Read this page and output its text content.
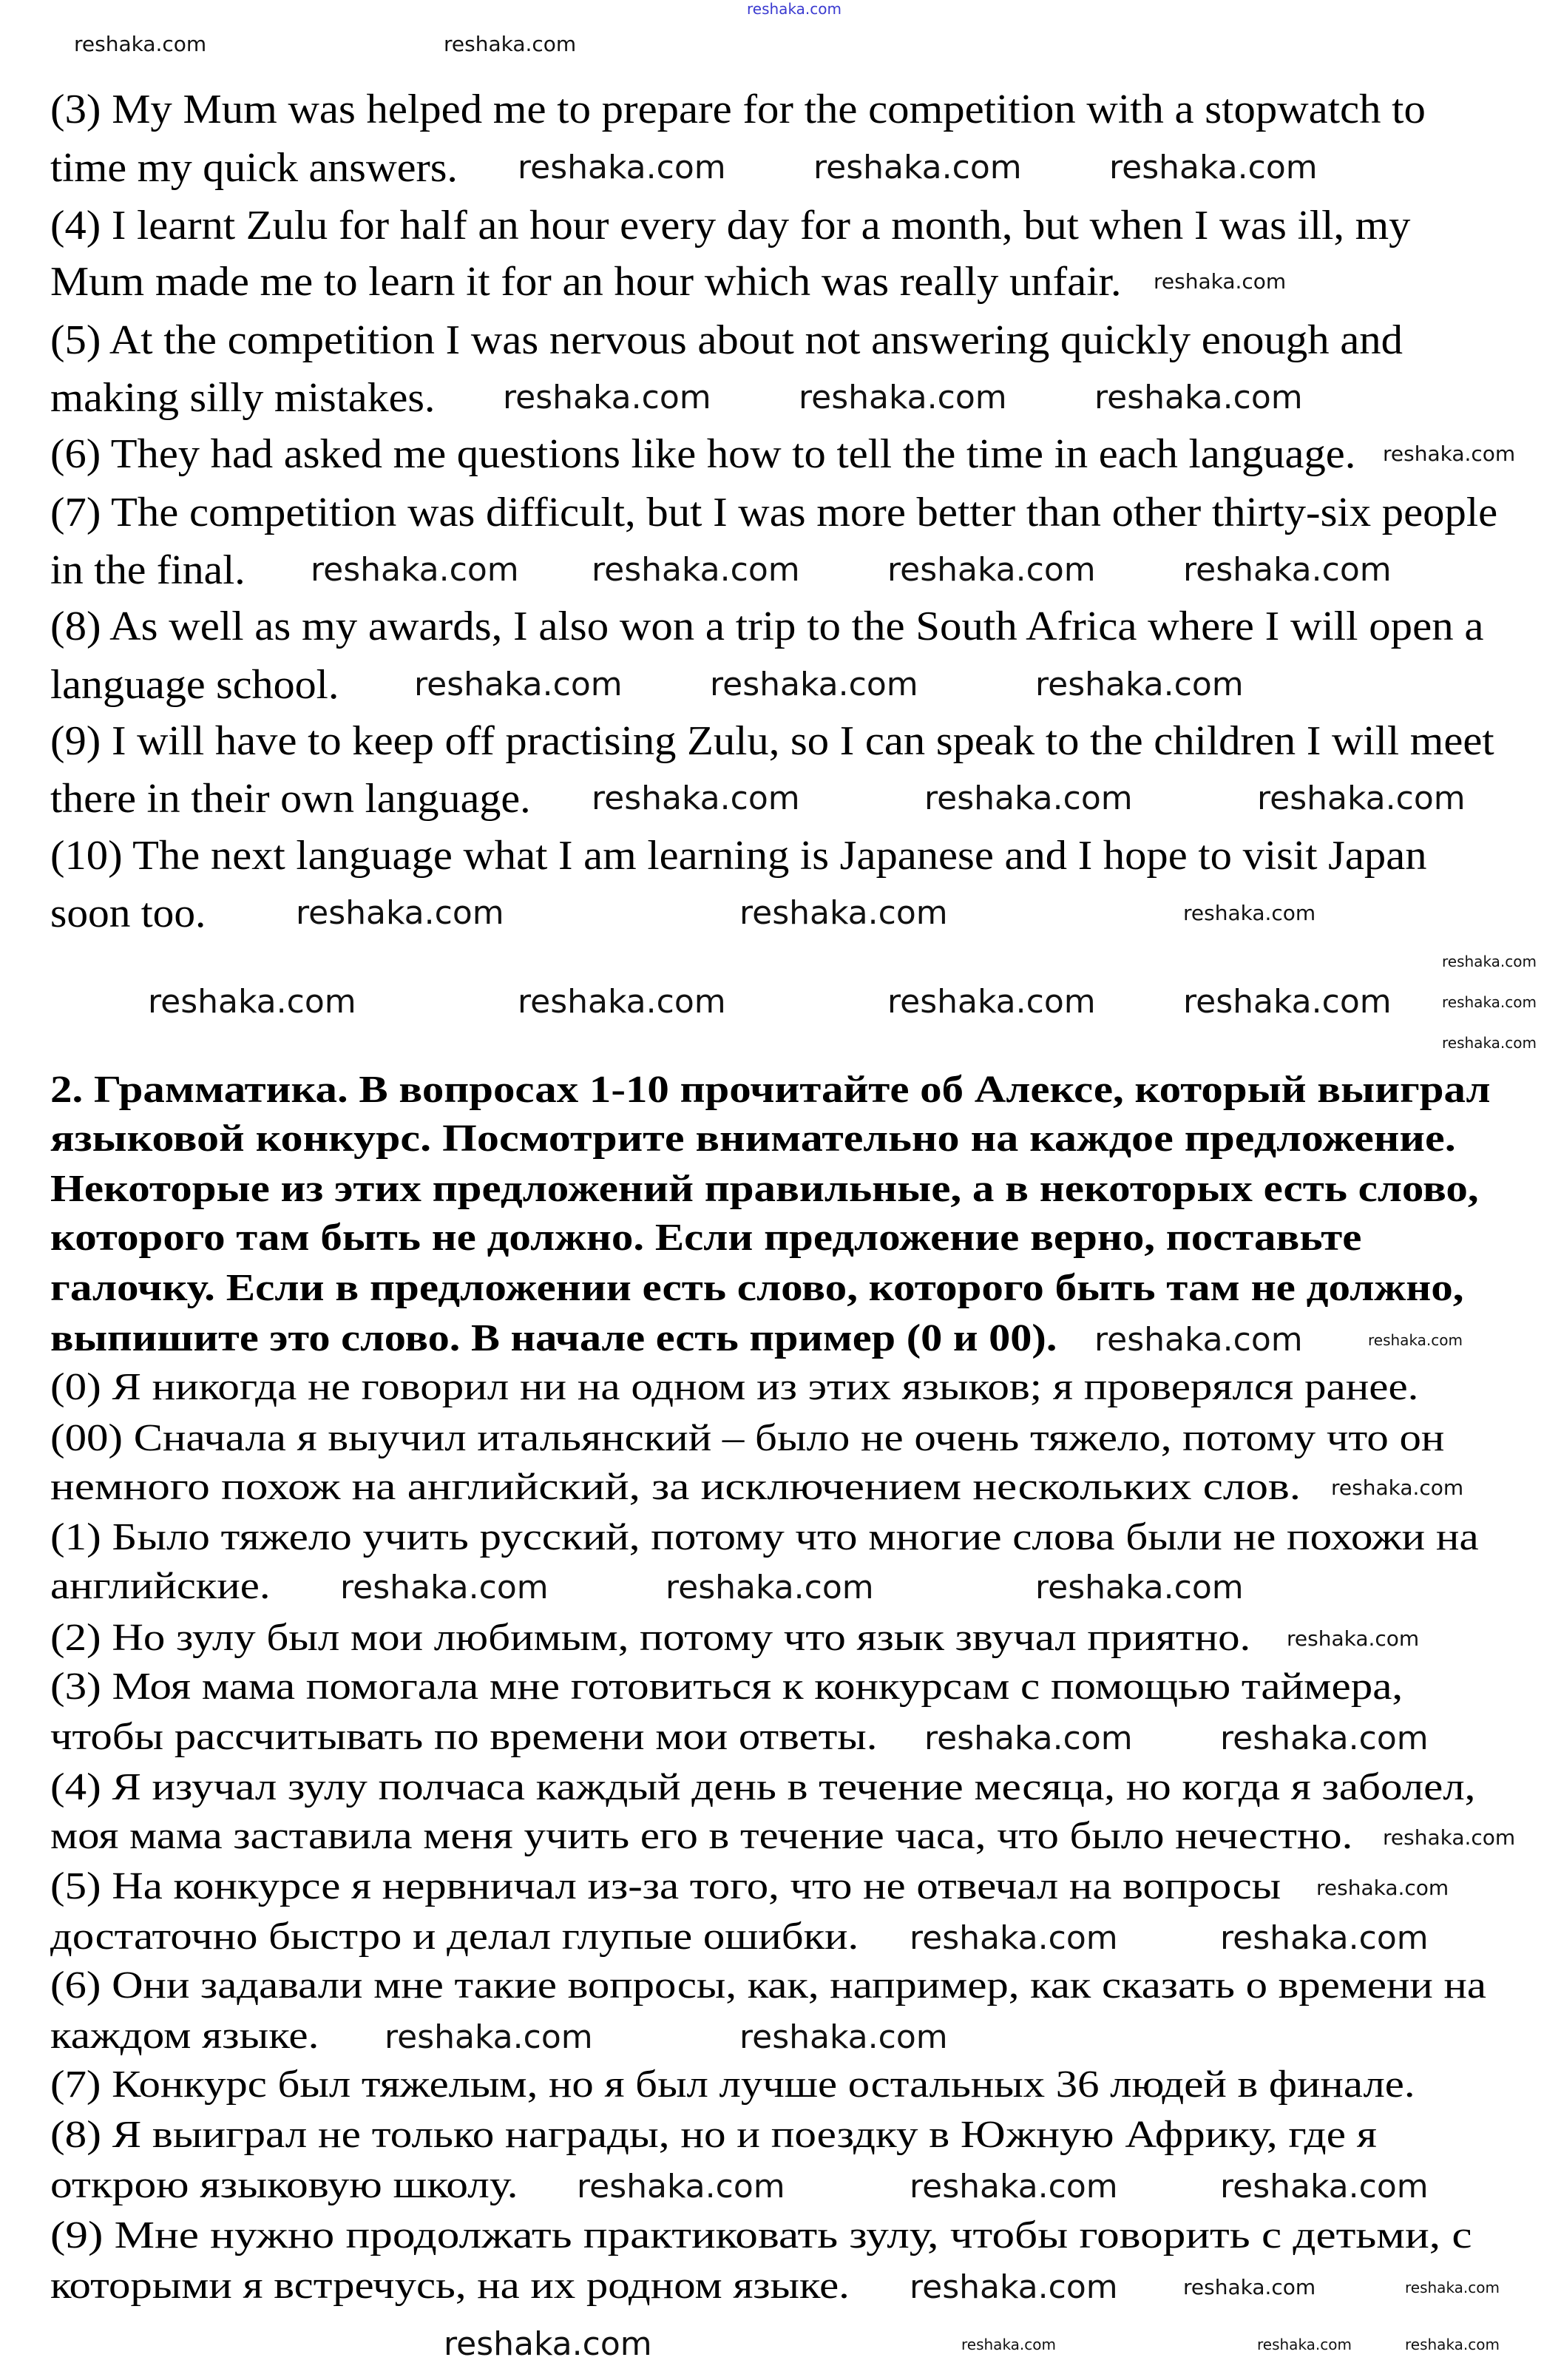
reshaka.com
reshaka.com	reshaka.com
reshaka.com	reshaka.com	reshaka.com
reshaka.com
reshaka.com	reshaka.com	reshaka.com
reshaka.com
reshaka.com reshaka.com	reshaka.com	reshaka.com
reshaka.com	reshaka.com	reshaka.com
reshaka.com	reshaka.com	reshaka.com
reshaka.com	reshaka.com	reshaka.com
reshaka.com	reshaka.com	reshaka.com	reshaka.com
reshaka.com
reshaka.com
reshaka.com
reshaka.com	reshaka.com
reshaka.com
reshaka.com	reshaka.com	reshaka.com
reshaka.com
reshaka.com	reshaka.com
reshaka.com
reshaka.com
reshaka.com	reshaka.com
reshaka.com	reshaka.com
reshaka.com	reshaka.com	reshaka.com
reshaka.com	reshaka.com	reshaka.com
reshaka.com	reshaka.com	reshaka.com	reshaka.com
(3) My Mum was helped me to prepare for the competition with a stopwatch to
time my quick answers.
(4) I learnt Zulu for half an hour every day for a month, but when I was ill, my
Mum made me to learn it for an hour which was really unfair.
(5) At the competition I was nervous about not answering quickly enough and
making silly mistakes.
(6) They had asked me questions like how to tell the time in each language.
(7) The competition was difficult, but I was more better than other thirty-six people
in the final.
(8) As well as my awards, I also won a trip to the South Africa where I will open a
language school.
(9) I will have to keep off practising Zulu, so I can speak to the children I will meet
there in their own language.
(10) The next language what I am learning is Japanese and I hope to visit Japan
soon too.
2. Грамматика. В вопросах 1-10 прочитайте об Алексе, который выиграл
языковой конкурс. Посмотрите внимательно на каждое предложение.
Некоторые из этих предложений правильные, а в некоторых есть слово,
которого там быть не должно. Если предложение верно, поставьте
галочку. Если в предложении есть слово, которого быть там не должно,
выпишите это слово. В начале есть пример (0 и 00).
(0) Я никогда не говорил ни на одном из этих языков; я проверялся ранее.
(00) Сначала я выучил итальянский – было не очень тяжело, потому что он
немного похож на английский, за исключением нескольких слов.
(1) Было тяжело учить русский, потому что многие слова были не похожи на
английские.
(2) Но зулу был мои любимым, потому что язык звучал приятно.
(3) Моя мама помогала мне готовиться к конкурсам с помощью таймера,
чтобы рассчитывать по времени мои ответы.
(4) Я изучал зулу полчаса каждый день в течение месяца, но когда я заболел,
моя мама заставила меня учить его в течение часа, что было нечестно.
(5) На конкурсе я нервничал из-за того, что не отвечал на вопросы
достаточно быстро и делал глупые ошибки.
(6) Они задавали мне такие вопросы, как, например, как сказать о времени на
каждом языке.
(7) Конкурс был тяжелым, но я был лучше остальных 36 людей в финале.
(8) Я выиграл не только награды, но и поездку в Южную Африку, где я
открою языковую школу.
(9) Мне нужно продолжать практиковать зулу, чтобы говорить с детьми, с
которыми я встречусь, на их родном языке.
